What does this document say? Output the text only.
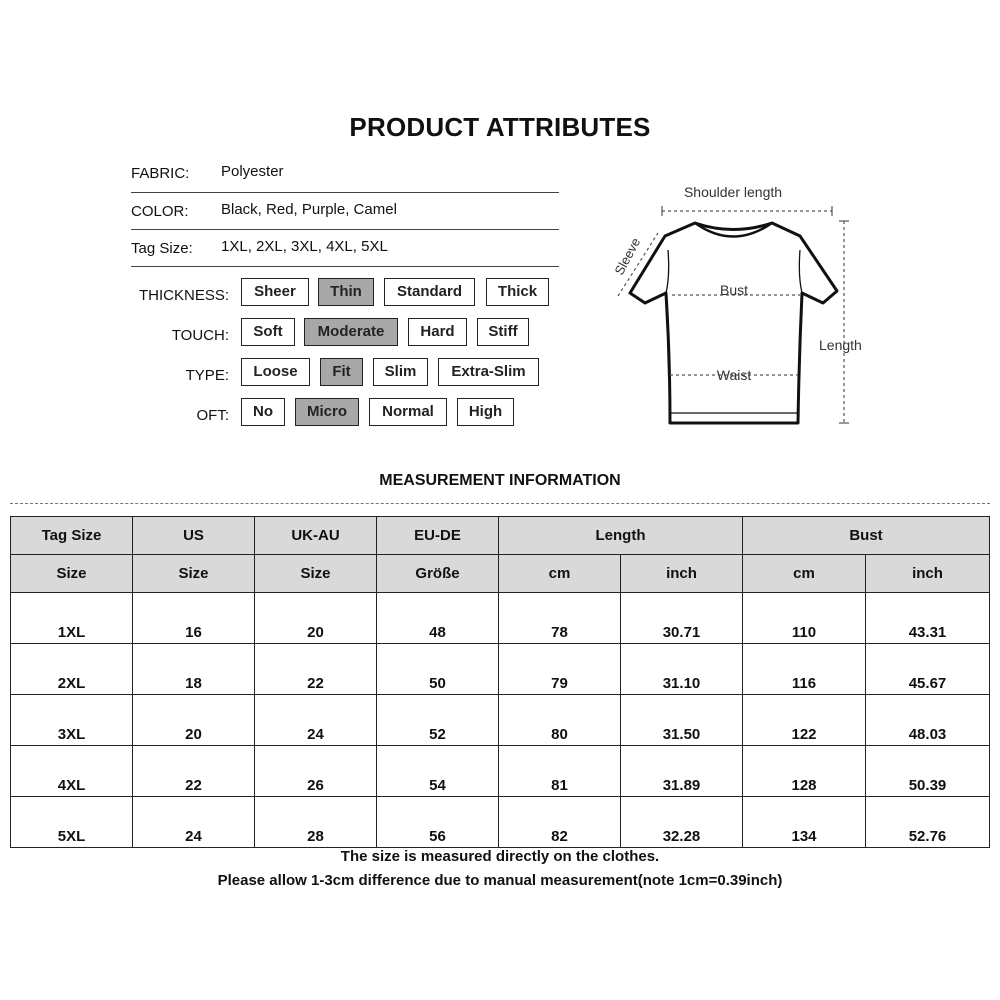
PRODUCT ATTRIBUTES
FABRIC: Polyester
COLOR: Black, Red, Purple, Camel
Tag Size: 1XL, 2XL, 3XL, 4XL, 5XL
THICKNESS:	Sheer	Thin	Standard	Thick
TOUCH:	Soft	Moderate	Hard	Stiff
TYPE:	Loose	Fit	Slim	Extra-Slim
OFT:	No	Micro	Normal	High
Shoulder length
Sleeve
Bust
Waist
Length
MEASUREMENT INFORMATION
Tag Size	US	UK-AU	EU-DE	Length		Bust	
Size	Size	Size	Größe	cm	inch	cm	inch
1XL	16	20	48	78	30.71	110	43.31
2XL	18	22	50	79	31.10	116	45.67
3XL	20	24	52	80	31.50	122	48.03
4XL	22	26	54	81	31.89	128	50.39
5XL	24	28	56	82	32.28	134	52.76
The size is measured directly on the clothes.
Please allow 1-3cm difference due to manual measurement(note 1cm=0.39inch)
